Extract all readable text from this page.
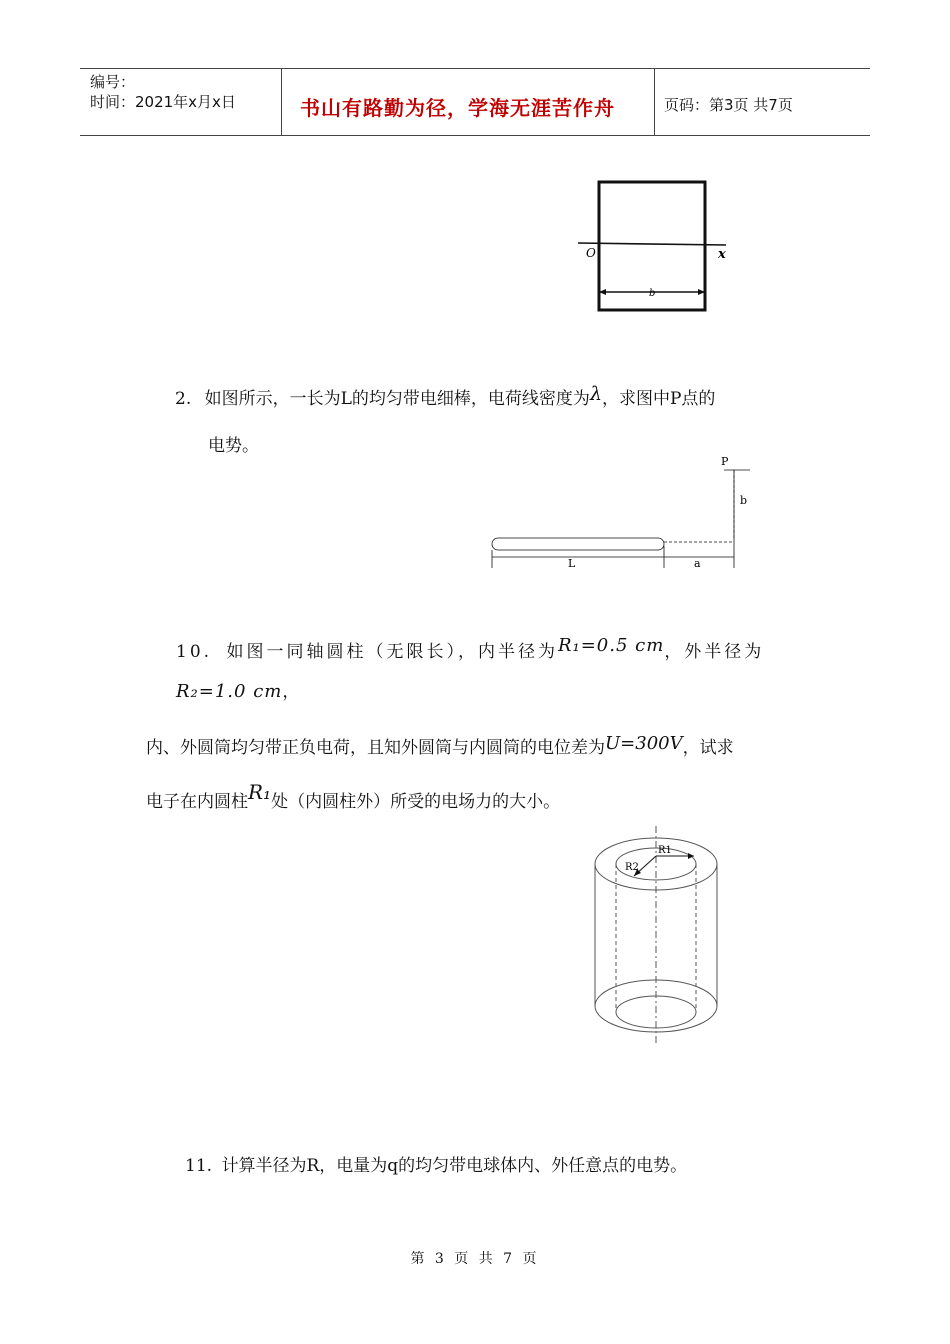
编号：
时间：2021年x月x日	书山有路勤为径，学海无涯苦作舟	页码：第3页 共7页
O	x
b
2. 如图所示，一长为L的均匀带电细棒，电荷线密度为λ，求图中P点的
电势。
P
b
L	a
10. 如图一同轴圆柱（无限长），内半径为R₁=0.5 cm，外半径为
R₂=1.0 cm，
内、外圆筒均匀带正负电荷，且知外圆筒与内圆筒的电位差为U=300V，试求
电子在内圆柱R₁处（内圆柱外）所受的电场力的大小。
R1
R2
11. 计算半径为R，电量为q的均匀带电球体内、外任意点的电势。
第 3 页 共 7 页
